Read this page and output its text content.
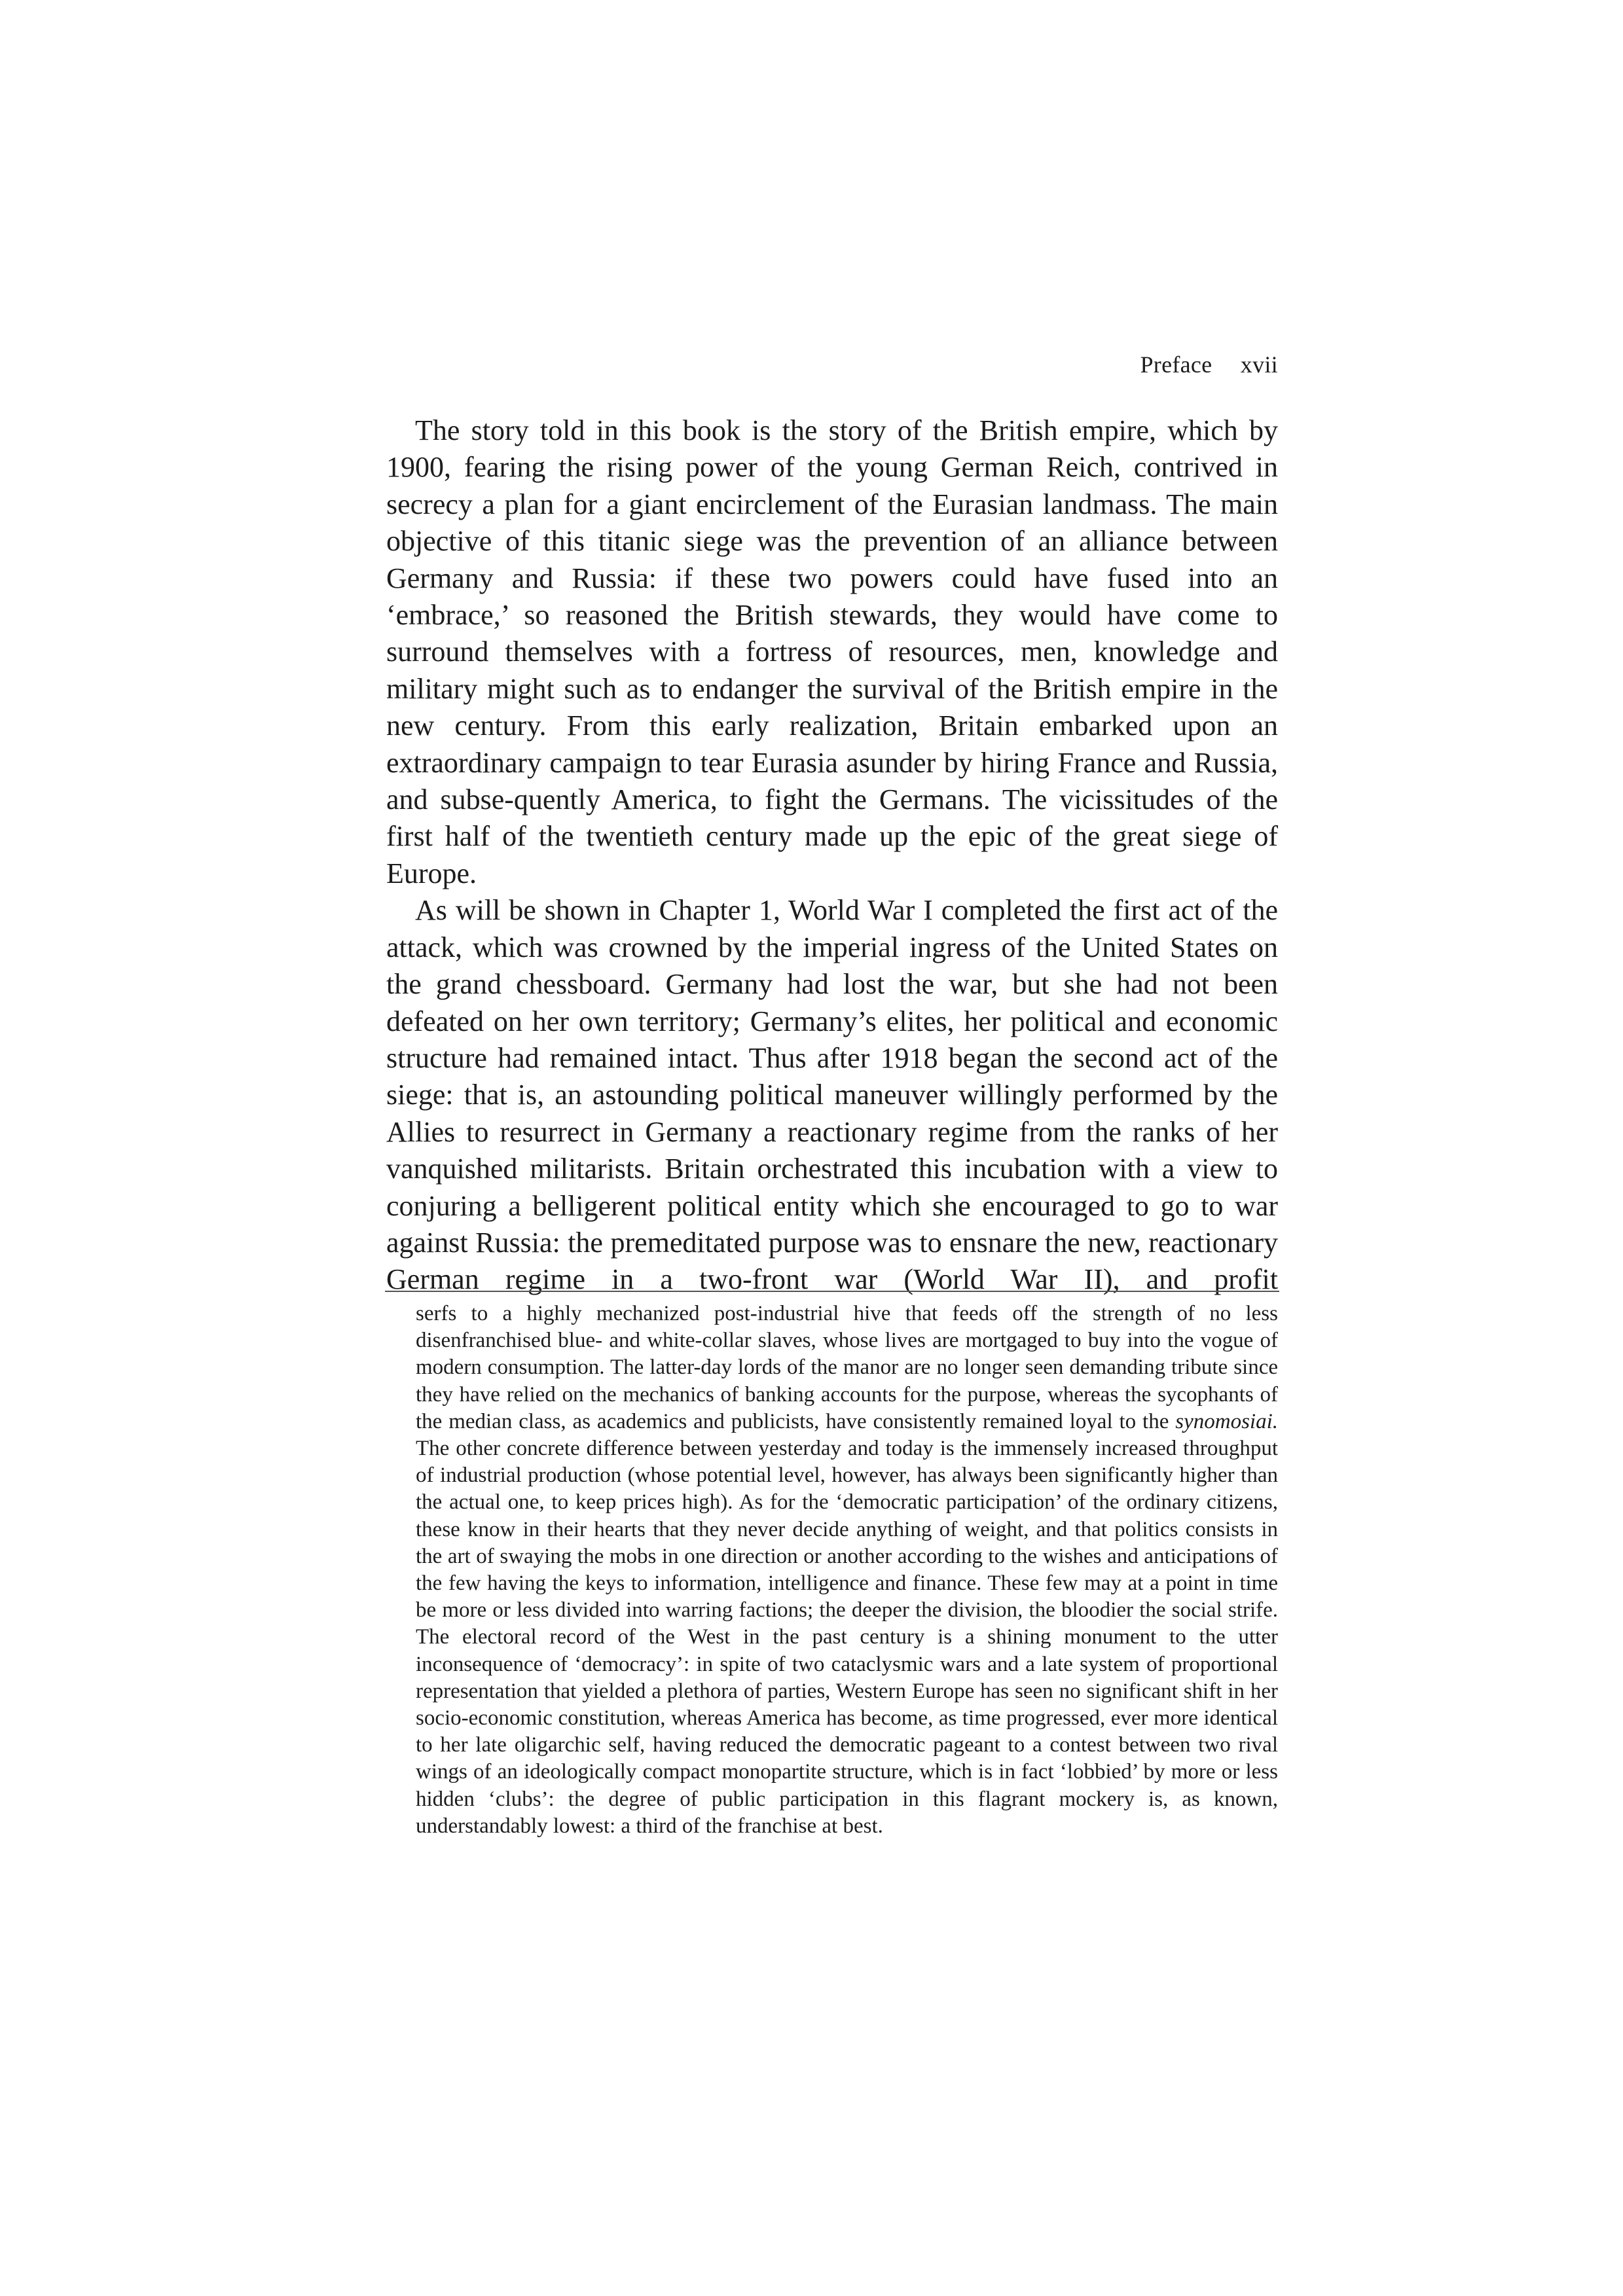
Preface xvii

The story told in this book is the story of the British empire, which by 1900, fearing the rising power of the young German Reich, contrived in secrecy a plan for a giant encirclement of the Eurasian landmass. The main objective of this titanic siege was the prevention of an alliance between Germany and Russia: if these two powers could have fused into an ‘embrace,’ so reasoned the British stewards, they would have come to surround themselves with a fortress of resources, men, knowledge and military might such as to endanger the survival of the British empire in the new century. From this early realization, Britain embarked upon an extraordinary campaign to tear Eurasia asunder by hiring France and Russia, and subse-quently America, to fight the Germans. The vicissitudes of the first half of the twentieth century made up the epic of the great siege of Europe.

As will be shown in Chapter 1, World War I completed the first act of the attack, which was crowned by the imperial ingress of the United States on the grand chessboard. Germany had lost the war, but she had not been defeated on her own territory; Germany’s elites, her political and economic structure had remained intact. Thus after 1918 began the second act of the siege: that is, an astounding political maneuver willingly performed by the Allies to resurrect in Germany a reactionary regime from the ranks of her vanquished militarists. Britain orchestrated this incubation with a view to conjuring a belligerent political entity which she encouraged to go to war against Russia: the premeditated purpose was to ensnare the new, reactionary German regime in a two-front war (World War II), and profit

serfs to a highly mechanized post-industrial hive that feeds off the strength of no less disenfranchised blue- and white-collar slaves, whose lives are mortgaged to buy into the vogue of modern consumption. The latter-day lords of the manor are no longer seen demanding tribute since they have relied on the mechanics of banking accounts for the purpose, whereas the sycophants of the median class, as academics and publicists, have consistently remained loyal to the synomosiai. The other concrete difference between yesterday and today is the immensely increased throughput of industrial production (whose potential level, however, has always been significantly higher than the actual one, to keep prices high). As for the ‘democratic participation’ of the ordinary citizens, these know in their hearts that they never decide anything of weight, and that politics consists in the art of swaying the mobs in one direction or another according to the wishes and anticipations of the few having the keys to information, intelligence and finance. These few may at a point in time be more or less divided into warring factions; the deeper the division, the bloodier the social strife. The electoral record of the West in the past century is a shining monument to the utter inconsequence of ‘democracy’: in spite of two cataclysmic wars and a late system of proportional representation that yielded a plethora of parties, Western Europe has seen no significant shift in her socio-economic constitution, whereas America has become, as time progressed, ever more identical to her late oligarchic self, having reduced the democratic pageant to a contest between two rival wings of an ideologically compact monopartite structure, which is in fact ‘lobbied’ by more or less hidden ‘clubs’: the degree of public participation in this flagrant mockery is, as known, understandably lowest: a third of the franchise at best.
